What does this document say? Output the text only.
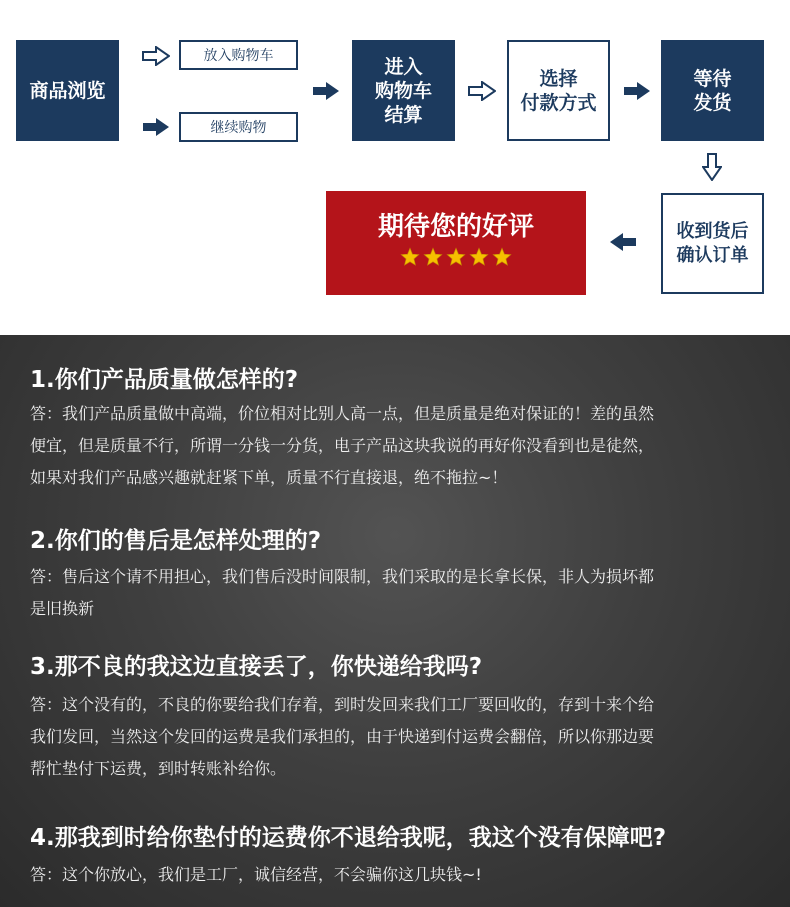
商品浏览
放入购物车
继续购物
进入
购物车
结算
选择
付款方式
等待
发货
收到货后
确认订单
期待您的好评
1.你们产品质量做怎样的?
答：我们产品质量做中高端，价位相对比别人高一点，但是质量是绝对保证的！差的虽然
便宜，但是质量不行，所谓一分钱一分货，电子产品这块我说的再好你没看到也是徒然，
如果对我们产品感兴趣就赶紧下单，质量不行直接退，绝不拖拉~！
2.你们的售后是怎样处理的?
答：售后这个请不用担心，我们售后没时间限制，我们采取的是长拿长保，非人为损坏都
是旧换新
3.那不良的我这边直接丢了，你快递给我吗?
答：这个没有的，不良的你要给我们存着，到时发回来我们工厂要回收的，存到十来个给
我们发回，当然这个发回的运费是我们承担的，由于快递到付运费会翻倍，所以你那边要
帮忙垫付下运费，到时转账补给你。
4.那我到时给你垫付的运费你不退给我呢，我这个没有保障吧?
答：这个你放心，我们是工厂，诚信经营，不会骗你这几块钱~!
